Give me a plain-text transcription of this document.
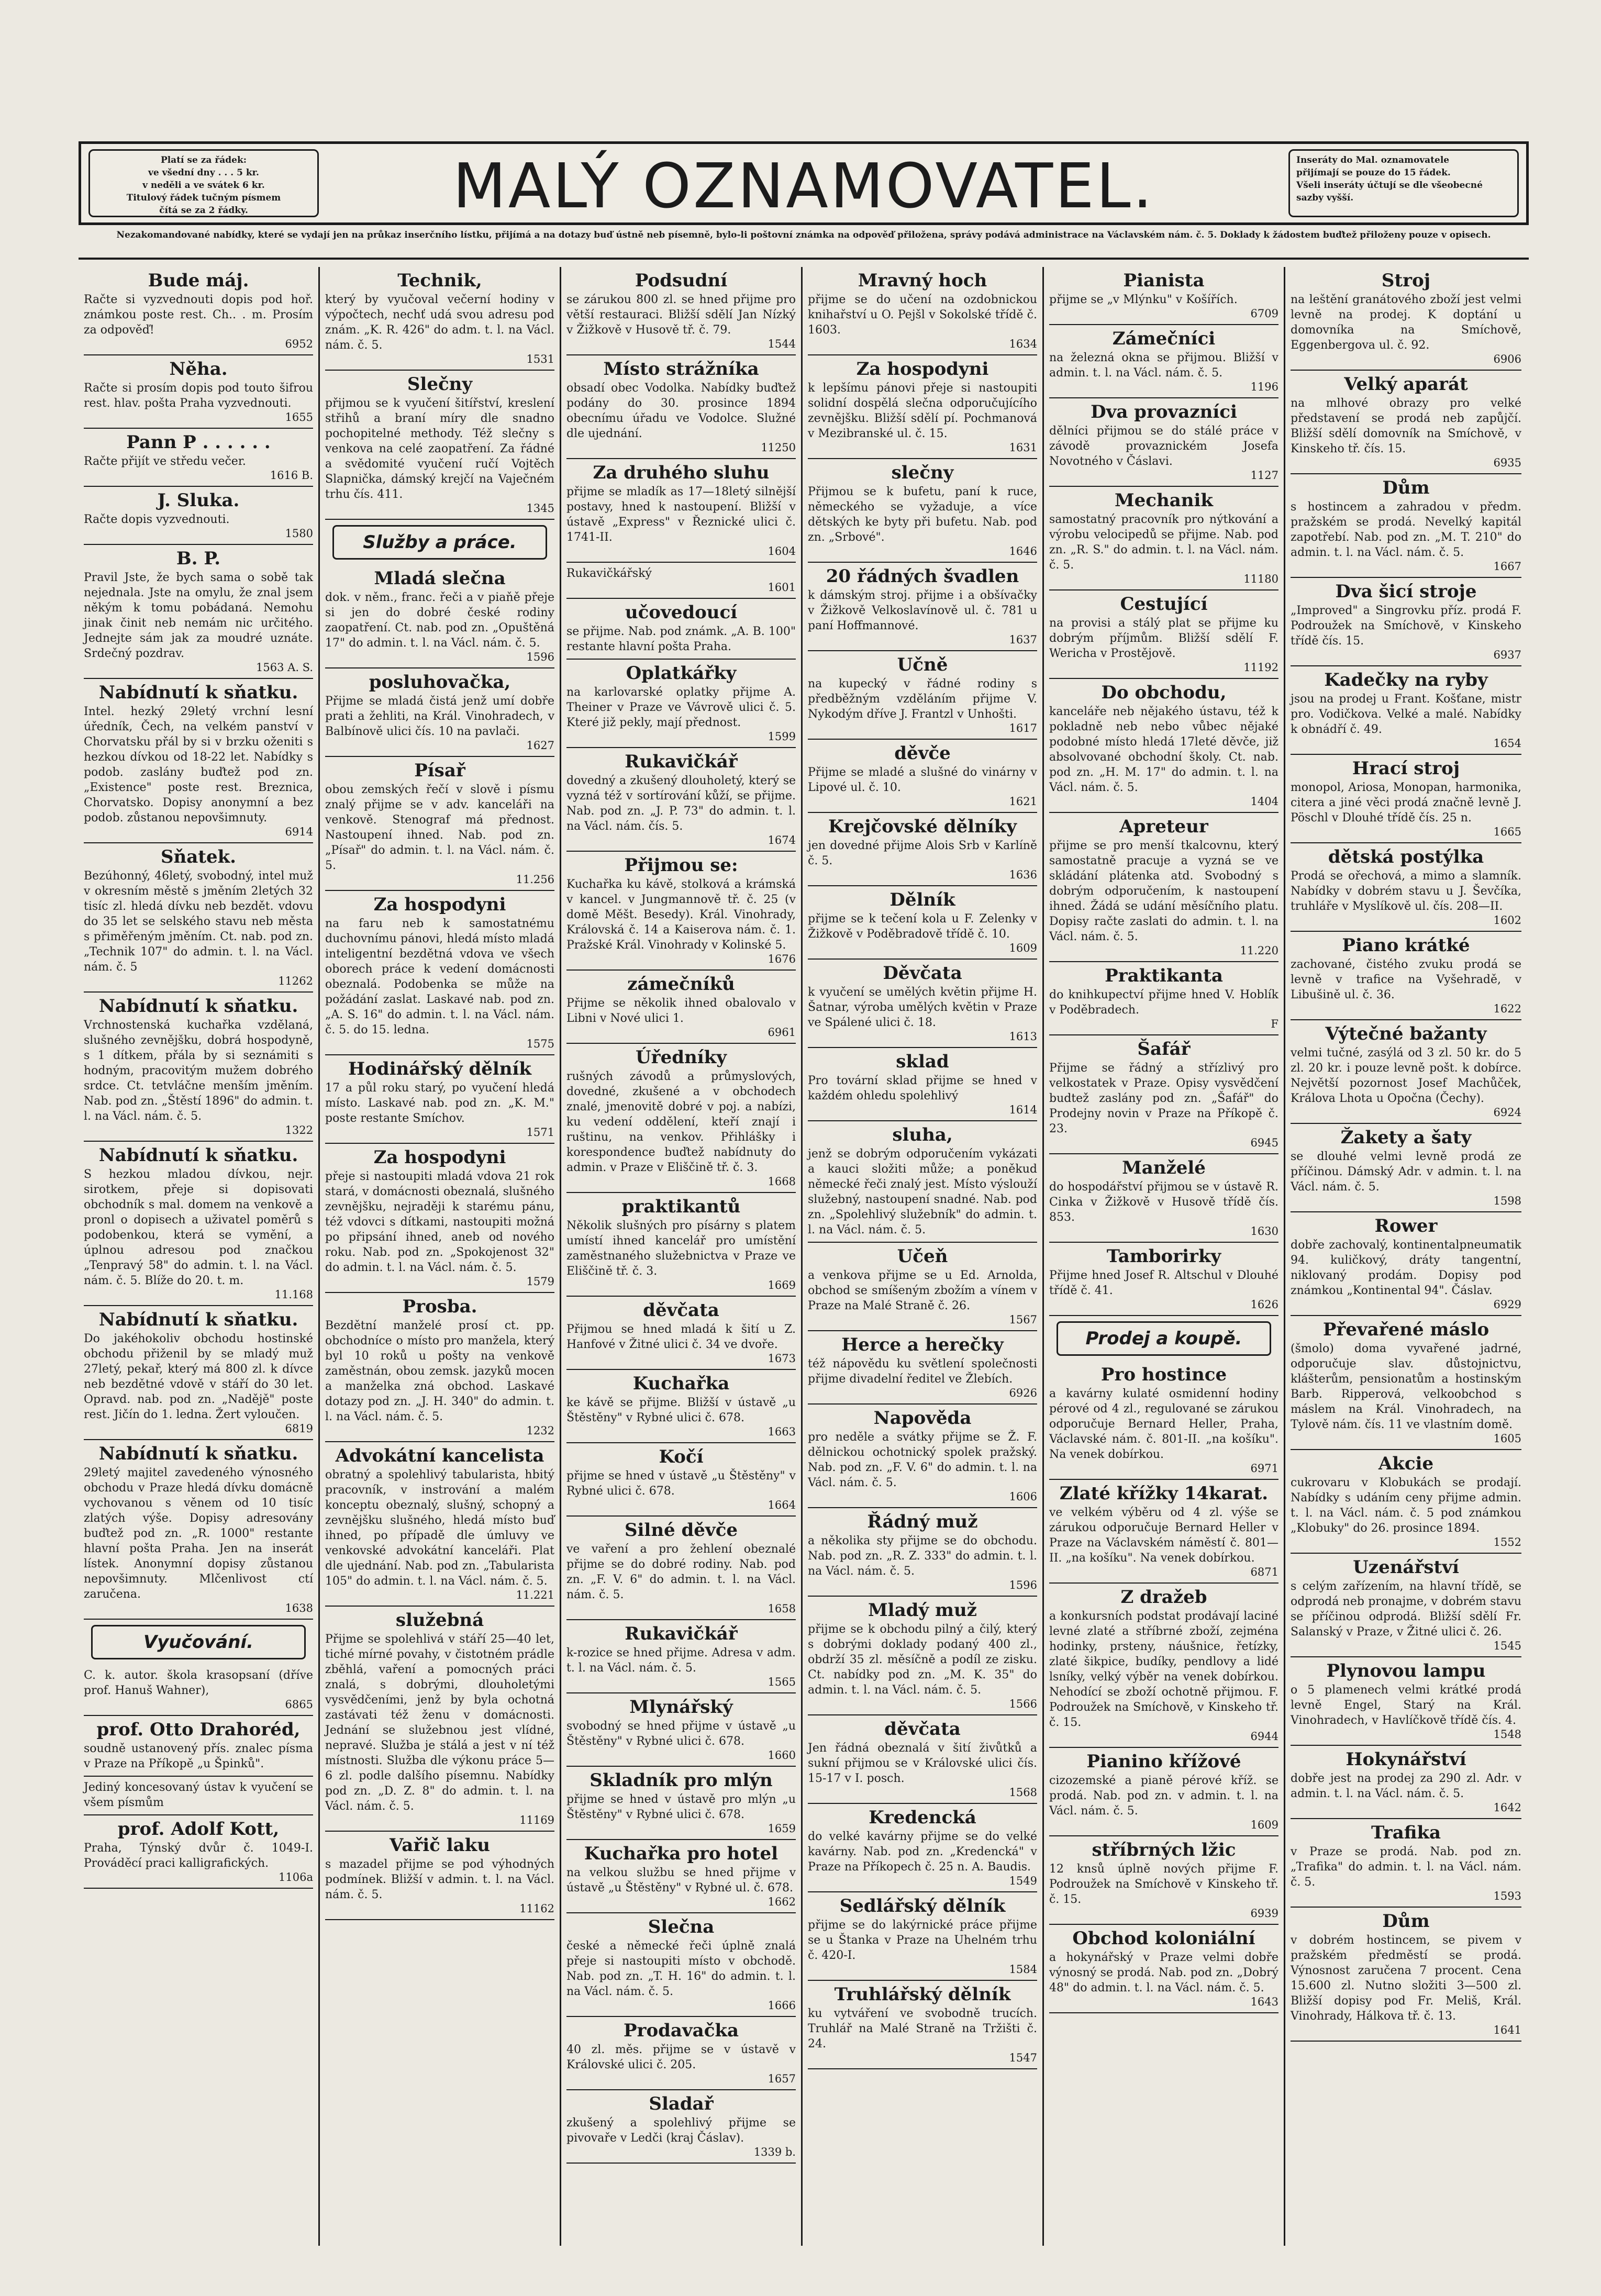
Platí se za řádek:
ve všední dny . . . 5 kr.
v neděli a ve svátek 6 kr.
Titulový řádek tučným písmem
čítá se za 2 řádky.	MALÝ OZNAMOVATEL.	Inseráty do Mal. oznamovatele
přijímají se pouze do 15 řádek.
Všeli inseráty účtují se dle všeobecné sazby vyšší.
Nezakomandované nabídky, které se vydají jen na průkaz inserčního lístku, přijímá a na dotazy buď ústně neb písemně, bylo-li poštovní známka na odpověď přiložena, správy podává administrace na Václavském nám. č. 5. Doklady k žádostem buďtež přiloženy pouze v opisech.
Bude máj.
Račte si vyzvednouti dopis pod hoř. známkou poste rest. Ch.. . m. Prosím za odpověď!
6952
Něha.
Račte si prosím dopis pod touto šifrou rest. hlav. pošta Praha vyzvednouti.
1655
Pann P . . . . . .
Račte přijít ve středu večer.
1616 B.
J. Sluka.
Račte dopis vyzvednouti.
1580
B. P.
Pravil Jste, že bych sama o sobě tak nejednala. Jste na omylu, že znal jsem někým k tomu pobádaná. Nemohu jinak činit neb nemám nic určitého. Jednejte sám jak za moudré uznáte. Srdečný pozdrav.
1563 A. S.
Nabídnutí k sňatku.
Intel. hezký 29letý vrchní lesní úředník, Čech, na velkém panství v Chorvatsku přál by si v brzku oženiti s hezkou dívkou od 18-22 let. Nabídky s podob. zaslány buďtež pod zn. „Existence" poste rest. Breznica, Chorvatsko. Dopisy anonymní a bez podob. zůstanou nepovšimnuty.
6914
Sňatek.
Bezúhonný, 46letý, svobodný, intel muž v okresním městě s jměním 2letých 32 tisíc zl. hledá dívku neb bezdět. vdovu do 35 let se selského stavu neb města s přiměřeným jměním. Ct. nab. pod zn. „Technik 107" do admin. t. l. na Václ. nám. č. 5
11262
Nabídnutí k sňatku.
Vrchnostenská kuchařka vzdělaná, slušného zevnějšku, dobrá hospodyně, s 1 dítkem, přála by si seznámiti s hodným, pracovitým mužem dobrého srdce. Ct. tetvláčne menším jměním. Nab. pod zn. „Štěstí 1896" do admin. t. l. na Václ. nám. č. 5.
1322
Nabídnutí k sňatku.
S hezkou mladou dívkou, nejr. sirotkem, přeje si dopisovati obchodník s mal. domem na venkově a pronl o dopisech a uživatel poměrů s podobenkou, která se vymění, a úplnou adresou pod značkou „Tenpravý 58" do admin. t. l. na Václ. nám. č. 5. Blíže do 20. t. m.
11.168
Nabídnutí k sňatku.
Do jakéhokoliv obchodu hostinské obchodu přiženil by se mladý muž 27letý, pekař, který má 800 zl. k dívce neb bezdětné vdově v stáří do 30 let. Opravd. nab. pod zn. „Nadějě" poste rest. Jičín do 1. ledna. Žert vyloučen.
6819
Nabídnutí k sňatku.
29letý majitel zavedeného výnosného obchodu v Praze hledá dívku domácně vychovanou s věnem od 10 tisíc zlatých výše. Dopisy adresovány buďtež pod zn. „R. 1000" restante hlavní pošta Praha. Jen na inserát lístek. Anonymní dopisy zůstanou nepovšimnuty. Mlčenlivost ctí zaručena.
1638
Vyučování.
C. k. autor. škola krasopsaní (dříve prof. Hanuš Wahner),
6865
prof. Otto Drahoréd,
soudně ustanovený přís. znalec písma v Praze na Příkopě „u Špinků".
Jediný koncesovaný ústav k vyučení se všem písmům
prof. Adolf Kott,
Praha, Týnský dvůr č. 1049-I. Prováděcí praci kalligrafických.
1106a
Technik,
který by vyučoval večerní hodiny v výpočtech, nechť udá svou adresu pod znám. „K. R. 426" do adm. t. l. na Václ. nám. č. 5.
1531
Slečny
přijmou se k vyučení šitířství, kreslení střihů a braní míry dle snadno pochopitelné methody. Též slečny s venkova na celé zaopatření. Za řádné a svědomité vyučení ručí Vojtěch Slapnička, dámský krejčí na Vaječném trhu čís. 411.
1345
Služby a práce.
Mladá slečna
dok. v něm., franc. řeči a v piaňě přeje si jen do dobré české rodiny zaopatření. Ct. nab. pod zn. „Opuštěná 17" do admin. t. l. na Václ. nám. č. 5.
1596
posluhovačka,
Přijme se mladá čistá jenž umí dobře prati a žehliti, na Král. Vinohradech, v Balbínově ulici čís. 10 na pavlači.
1627
Písař
obou zemských řečí v slově i písmu znalý přijme se v adv. kanceláři na venkově. Stenograf má přednost. Nastoupení ihned. Nab. pod zn. „Písař" do admin. t. l. na Václ. nám. č. 5.
11.256
Za hospodyni
na faru neb k samostatnému duchovnímu pánovi, hledá místo mladá inteligentní bezdětná vdova ve všech oborech práce k vedení domácnosti obeznalá. Podobenka se může na požádání zaslat. Laskavé nab. pod zn. „A. S. 16" do admin. t. l. na Václ. nám. č. 5. do 15. ledna.
1575
Hodinářský dělník
17 a půl roku starý, po vyučení hledá místo. Laskavé nab. pod zn. „K. M." poste restante Smíchov.
1571
Za hospodyni
přeje si nastoupiti mladá vdova 21 rok stará, v domácnosti obeznalá, slušného zevnějšku, nejraději k starému pánu, též vdovci s dítkami, nastoupiti možná po připsání ihned, aneb od nového roku. Nab. pod zn. „Spokojenost 32" do admin. t. l. na Václ. nám. č. 5.
1579
Prosba.
Bezdětní manželé prosí ct. pp. obchodníce o místo pro manžela, který byl 10 roků u pošty na venkově zaměstnán, obou zemsk. jazyků mocen a manželka zná obchod. Laskavé dotazy pod zn. „J. H. 340" do admin. t. l. na Václ. nám. č. 5.
1232
Advokátní kancelista
obratný a spolehlivý tabularista, hbitý pracovník, v instrování a malém konceptu obeznalý, slušný, schopný a zevnějšku slušného, hledá místo buď ihned, po případě dle úmluvy ve venkovské advokátní kanceláři. Plat dle ujednání. Nab. pod zn. „Tabularista 105" do admin. t. l. na Václ. nám. č. 5.
11.221
služebná
Přijme se spolehlivá v stáří 25—40 let, tiché mírné povahy, v čistotném prádle zběhlá, vaření a pomocných práci znalá, s dobrými, dlouholetými vysvědčeními, jenž by byla ochotná zastávati též ženu v domácnosti. Jednání se služebnou jest vlídné, nepravé. Služba je stálá a jest v ní též místnosti. Služba dle výkonu práce 5—6 zl. podle dalšího písemnu. Nabídky pod zn. „D. Z. 8" do admin. t. l. na Václ. nám. č. 5.
11169
Vařič laku
s mazadel přijme se pod výhodných podmínek. Bližší v admin. t. l. na Václ. nám. č. 5.
11162
Podsudní
se zárukou 800 zl. se hned přijme pro větší restauraci. Bližší sdělí Jan Nízký v Žižkově v Husově tř. č. 79.
1544
Místo strážníka
obsadí obec Vodolka. Nabídky buďtež podány do 30. prosince 1894 obecnímu úřadu ve Vodolce. Služné dle ujednání.
11250
Za druhého sluhu
přijme se mladík as 17—18letý silnější postavy, hned k nastoupení. Bližší v ústavě „Express" v Řeznické ulici č. 1741-II.
1604
Rukavičkářský
1601
učovedoucí
se přijme. Nab. pod známk. „A. B. 100" restante hlavní pošta Praha.
Oplatkářky
na karlovarské oplatky přijme A. Theiner v Praze ve Vávrově ulici č. 5. Které již pekly, mají přednost.
1599
Rukavičkář
dovedný a zkušený dlouholetý, který se vyzná též v sortírování kůží, se přijme. Nab. pod zn. „J. P. 73" do admin. t. l. na Václ. nám. čís. 5.
1674
Přijmou se:
Kuchařka ku kávě, stolková a krámská v kancel. v Jungmannově tř. č. 25 (v domě Měšt. Besedy). Král. Vinohrady, Královská č. 14 a Kaiserova nám. č. 1. Pražské Král. Vinohrady v Kolinské 5.
1676
zámečníků
Přijme se několik ihned obalovalo v Libni v Nové ulici 1.
6961
Úředníky
rušných závodů a průmyslových, dovedné, zkušené a v obchodech znalé, jmenovitě dobré v poj. a nabízi, ku vedení oddělení, kteří znají i ruštinu, na venkov. Přihlášky i korespondence buďtež nabídnuty do admin. v Praze v Eliščině tř. č. 3.
1668
praktikantů
Několik slušných pro písárny s platem umístí ihned kancelář pro umístění zaměstnaného služebnictva v Praze ve Eliščině tř. č. 3.
1669
děvčata
Přijmou se hned mladá k šití u Z. Hanfové v Žitné ulici č. 34 ve dvoře.
1673
Kuchařka
ke kávě se přijme. Bližší v ústavě „u Štěstěny" v Rybné ulici č. 678.
1663
Kočí
přijme se hned v ústavě „u Štěstěny" v Rybné ulici č. 678.
1664
Silné děvče
ve vaření a pro žehlení obeznalé přijme se do dobré rodiny. Nab. pod zn. „F. V. 6" do admin. t. l. na Václ. nám. č. 5.
1658
Rukavičkář
k-rozice se hned přijme. Adresa v adm. t. l. na Václ. nám. č. 5.
1565
Mlynářský
svobodný se hned přijme v ústavě „u Štěstěny" v Rybné ulici č. 678.
1660
Skladník pro mlýn
přijme se hned v ústavě pro mlýn „u Štěstěny" v Rybné ulici č. 678.
1659
Kuchařka pro hotel
na velkou službu se hned přijme v ústavě „u Štěstěny" v Rybné ul. č. 678.
1662
Slečna
české a německé řeči úplně znalá přeje si nastoupiti místo v obchodě. Nab. pod zn. „T. H. 16" do admin. t. l. na Václ. nám. č. 5.
1666
Prodavačka
40 zl. měs. přijme se v ústavě v Královské ulici č. 205.
1657
Sladař
zkušený a spolehlivý přijme se pivovaře v Ledči (kraj Čáslav).
1339 b.
Mravný hoch
přijme se do učení na ozdobnickou knihařství u O. Pejšl v Sokolské třídě č. 1603.
1634
Za hospodyni
k lepšímu pánovi přeje si nastoupiti solidní dospělá slečna odporučujícího zevnějšku. Bližší sdělí pí. Pochmanová v Mezibranské ul. č. 15.
1631
slečny
Přijmou se k bufetu, paní k ruce, německého se vyžaduje, a více dětských ke byty při bufetu. Nab. pod zn. „Srbové".
1646
20 řádných švadlen
k dámským stroj. přijme i a obšívačky v Žižkově Velkoslavínově ul. č. 781 u paní Hoffmannové.
1637
Učně
na kupecký v řádné rodiny s předběžným vzděláním přijme V. Nykodým dříve J. Frantzl v Unhošti.
1617
děvče
Přijme se mladé a slušné do vinárny v Lipové ul. č. 10.
1621
Krejčovské dělníky
jen dovedné přijme Alois Srb v Karlíně č. 5.
1636
Dělník
přijme se k tečení kola u F. Zelenky v Žižkově v Poděbradově třídě č. 10.
1609
Děvčata
k vyučení se umělých květin přijme H. Šatnar, výroba umělých květin v Praze ve Spálené ulici č. 18.
1613
sklad
Pro tovární sklad přijme se hned v každém ohledu spolehlivý
1614
sluha,
jenž se dobrým odporučením vykázati a kauci složiti může; a poněkud německé řeči znalý jest. Místo výslouží služebný, nastoupení snadné. Nab. pod zn. „Spolehlivý služebník" do admin. t. l. na Václ. nám. č. 5.
Učeň
a venkova přijme se u Ed. Arnolda, obchod se smíšeným zbožím a vínem v Praze na Malé Straně č. 26.
1567
Herce a herečky
též nápovědu ku světlení společnosti přijme divadelní ředitel ve Žlebích.
6926
Napověda
pro neděle a svátky přijme se Ž. F. dělnickou ochotnický spolek pražský. Nab. pod zn. „F. V. 6" do admin. t. l. na Václ. nám. č. 5.
1606
Řádný muž
a několika sty přijme se do obchodu. Nab. pod zn. „R. Z. 333" do admin. t. l. na Václ. nám. č. 5.
1596
Mladý muž
přijme se k obchodu pilný a čilý, který s dobrými doklady podaný 400 zl., obdrží 35 zl. měsíčně a podíl ze zisku. Ct. nabídky pod zn. „M. K. 35" do admin. t. l. na Václ. nám. č. 5.
1566
děvčata
Jen řádná obeznalá v šití živůtků a sukní přijmou se v Královské ulici čís. 15-17 v I. posch.
1568
Kredencká
do velké kavárny přijme se do velké kavárny. Nab. pod zn. „Kredencká" v Praze na Příkopech č. 25 n. A. Baudis.
1549
Sedlářský dělník
přijme se do lakýrnické práce přijme se u Štanka v Praze na Uhelném trhu č. 420-I.
1584
Truhlářský dělník
ku vytváření ve svobodně trucích. Truhlář na Malé Straně na Tržišti č. 24.
1547
Pianista
přijme se „v Mlýnku" v Košířích.
6709
Zámečníci
na železná okna se přijmou. Bližší v admin. t. l. na Václ. nám. č. 5.
1196
Dva provazníci
dělníci přijmou se do stálé práce v závodě provaznickém Josefa Novotného v Čáslavi.
1127
Mechanik
samostatný pracovník pro nýtkování a výrobu velocipedů se přijme. Nab. pod zn. „R. S." do admin. t. l. na Václ. nám. č. 5.
11180
Cestující
na provisi a stálý plat se přijme ku dobrým příjmům. Bližší sdělí F. Wericha v Prostějově.
11192
Do obchodu,
kanceláře neb nějakého ústavu, též k pokladně neb nebo vůbec nějaké podobné místo hledá 17leté děvče, již absolvované obchodní školy. Ct. nab. pod zn. „H. M. 17" do admin. t. l. na Václ. nám. č. 5.
1404
Apreteur
přijme se pro menší tkalcovnu, který samostatně pracuje a vyzná se ve skládání plátenka atd. Svobodný s dobrým odporučením, k nastoupení ihned. Žádá se udání měsíčního platu. Dopisy račte zaslati do admin. t. l. na Václ. nám. č. 5.
11.220
Praktikanta
do knihkupectví přijme hned V. Hoblík v Poděbradech.
F
Šafář
Přijme se řádný a střízlivý pro velkostatek v Praze. Opisy vysvědčení budtež zaslány pod zn. „Šafář" do Prodejny novin v Praze na Příkopě č. 23.
6945
Manželé
do hospodářství přijmou se v ústavě R. Cinka v Žižkově v Husově třídě čís. 853.
1630
Tamborirky
Přijme hned Josef R. Altschul v Dlouhé třídě č. 41.
1626
Prodej a koupě.
Pro hostince
a kavárny kulaté osmidenní hodiny pérové od 4 zl., regulované se zárukou odporučuje Bernard Heller, Praha, Václavské nám. č. 801-II. „na košíku". Na venek dobírkou.
6971
Zlaté křížky 14karat.
ve velkém výběru od 4 zl. výše se zárukou odporučuje Bernard Heller v Praze na Václavském náměstí č. 801—II. „na košíku". Na venek dobírkou.
6871
Z dražeb
a konkursních podstat prodávají laciné levné zlaté a stříbrné zboží, zejména hodinky, prsteny, náušnice, řetízky, zlaté šikpice, budíky, pendlovy a lidé lsníky, velký výběr na venek dobírkou. Nehodící se zboží ochotně přijmou. F. Podroužek na Smíchově, v Kinskeho tř. č. 15.
6944
Pianino křížové
cizozemské a pianě pérové kříž. se prodá. Nab. pod zn. v admin. t. l. na Václ. nám. č. 5.
1609
stříbrných lžic
12 knsů úplně nových přijme F. Podroužek na Smíchově v Kinskeho tř. č. 15.
6939
Obchod koloniální
a hokynářský v Praze velmi dobře výnosný se prodá. Nab. pod zn. „Dobrý 48" do admin. t. l. na Václ. nám. č. 5.
1643
Stroj
na leštění granátového zboží jest velmi levně na prodej. K doptání u domovníka na Smíchově, Eggenbergova ul. č. 92.
6906
Velký aparát
na mlhové obrazy pro velké představení se prodá neb zapůjčí. Bližší sdělí domovník na Smíchově, v Kinskeho tř. čís. 15.
6935
Dům
s hostincem a zahradou v předm. pražském se prodá. Nevelký kapitál zapotřebí. Nab. pod zn. „M. T. 210" do admin. t. l. na Václ. nám. č. 5.
1667
Dva šicí stroje
„Improved" a Singrovku příz. prodá F. Podroužek na Smíchově, v Kinskeho třídě čís. 15.
6937
Kadečky na ryby
jsou na prodej u Frant. Košťane, mistr pro. Vodičkova. Velké a malé. Nabídky k obnádří č. 49.
1654
Hrací stroj
monopol, Ariosa, Monopan, harmonika, citera a jiné věci prodá značně levně J. Pöschl v Dlouhé třídě čís. 25 n.
1665
dětská postýlka
Prodá se ořechová, a mimo a slamník. Nabídky v dobrém stavu u J. Ševčíka, truhláře v Myslíkově ul. čís. 208—II.
1602
Piano krátké
zachované, čistého zvuku prodá se levně v trafice na Vyšehradě, v Libušině ul. č. 36.
1622
Výtečné bažanty
velmi tučné, zasýlá od 3 zl. 50 kr. do 5 zl. 20 kr. i pouze levně pošt. k dobírce. Největší pozornost Josef Machůček, Králova Lhota u Opočna (Čechy).
6924
Žakety a šaty
se dlouhé velmi levně prodá ze příčinou. Dámský Adr. v admin. t. l. na Václ. nám. č. 5.
1598
Rower
dobře zachovalý, kontinentalpneumatik 94. kuličkový, dráty tangentní, niklovaný prodám. Dopisy pod známkou „Kontinental 94". Čáslav.
6929
Převařené máslo
(šmolo) doma vyvařené jadrné, odporučuje slav. důstojnictvu, klášterům, pensionatům a hostinským Barb. Ripperová, velkoobchod s máslem na Král. Vinohradech, na Tylově nám. čís. 11 ve vlastním domě.
1605
Akcie
cukrovaru v Klobukách se prodají. Nabídky s udáním ceny přijme admin. t. l. na Václ. nám. č. 5 pod známkou „Klobuky" do 26. prosince 1894.
1552
Uzenářství
s celým zařízením, na hlavní třídě, se odprodá neb pronajme, v dobrém stavu se příčinou odprodá. Bližší sdělí Fr. Salanský v Praze, v Žitné ulici č. 26.
1545
Plynovou lampu
o 5 plamenech velmi krátké prodá levně Engel, Starý na Král. Vinohradech, v Havlíčkově třídě čís. 4.
1548
Hokynářství
dobře jest na prodej za 290 zl. Adr. v admin. t. l. na Václ. nám. č. 5.
1642
Trafika
v Praze se prodá. Nab. pod zn. „Trafika" do admin. t. l. na Václ. nám. č. 5.
1593
Dům
v dobrém hostincem, se pivem v pražském předměstí se prodá. Výnosnost zaručena 7 procent. Cena 15.600 zl. Nutno složiti 3—500 zl. Bližší dopisy pod Fr. Meliš, Král. Vinohrady, Hálkova tř. č. 13.
1641
